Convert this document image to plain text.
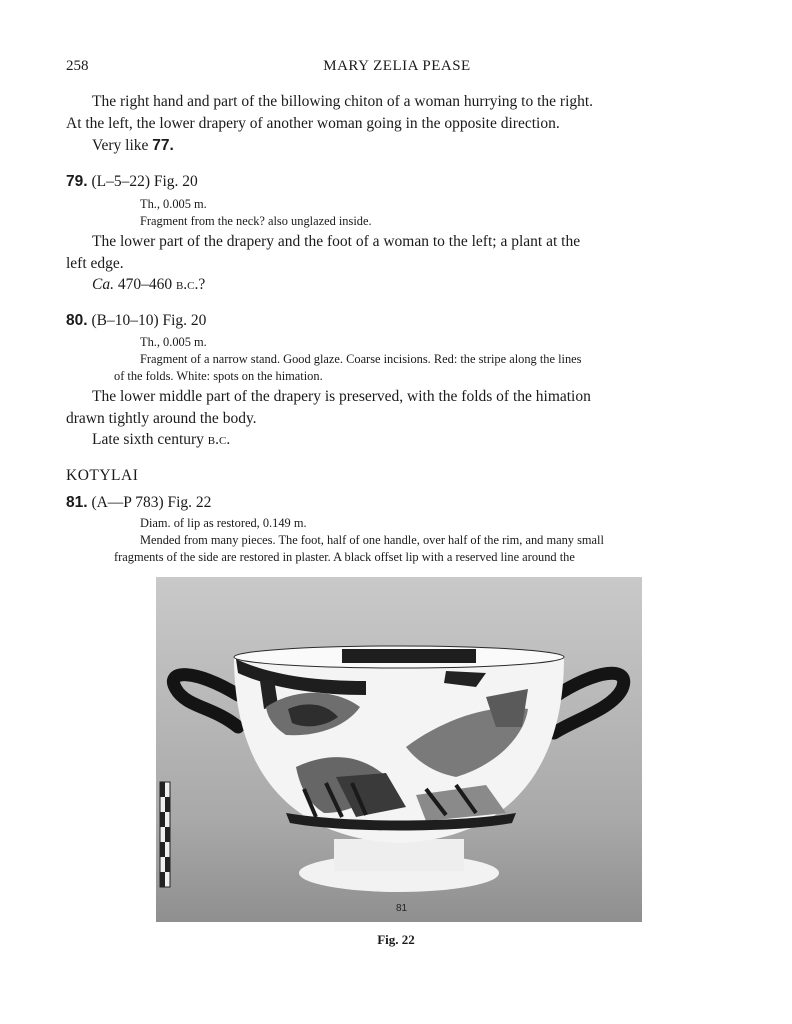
258	MARY ZELIA PEASE
The right hand and part of the billowing chiton of a woman hurrying to the right.
At the left, the lower drapery of another woman going in the opposite direction.
Very like 77.
79. (L–5–22) Fig. 20
Th., 0.005 m.
Fragment from the neck? also unglazed inside.
The lower part of the drapery and the foot of a woman to the left; a plant at the
left edge.
Ca. 470–460 b.c.?
80. (B–10–10) Fig. 20
Th., 0.005 m.
Fragment of a narrow stand. Good glaze. Coarse incisions. Red: the stripe along the lines
of the folds. White: spots on the himation.
The lower middle part of the drapery is preserved, with the folds of the himation
drawn tightly around the body.
Late sixth century b.c.
KOTYLAI
81. (A—P 783) Fig. 22
Diam. of lip as restored, 0.149 m.
Mended from many pieces. The foot, half of one handle, over half of the rim, and many small
fragments of the side are restored in plaster. A black offset lip with a reserved line around the
81
Fig. 22
